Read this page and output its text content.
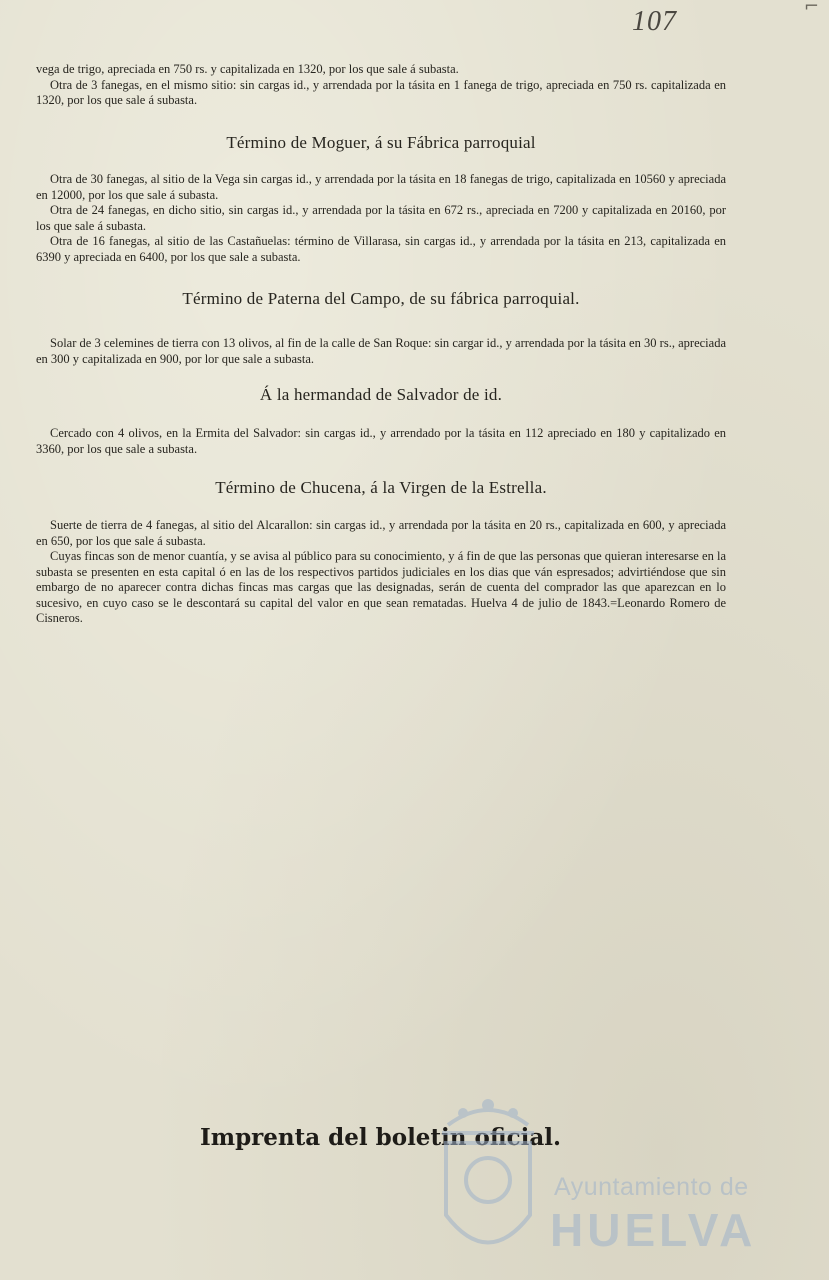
107	⌐

vega de trigo, apreciada en 750 rs. y capitalizada en 1320, por los que sale á subasta.

Otra de 3 fanegas, en el mismo sitio: sin cargas id., y arrendada por la tásita en 1 fanega de trigo, apreciada en 750 rs. capitalizada en 1320, por los que sale á subasta.

Término de Moguer, á su Fábrica parroquial

Otra de 30 fanegas, al sitio de la Vega sin cargas id., y arrendada por la tásita en 18 fanegas de trigo, capitalizada en 10560 y apreciada en 12000, por los que sale á subasta.

Otra de 24 fanegas, en dicho sitio, sin cargas id., y arrendada por la tásita en 672 rs., apreciada en 7200 y capitalizada en 20160, por los que sale á subasta.

Otra de 16 fanegas, al sitio de las Castañuelas: término de Villarasa, sin cargas id., y arrendada por la tásita en 213, capitalizada en 6390 y apreciada en 6400, por los que sale a subasta.

Término de Paterna del Campo, de su fábrica parroquial.

Solar de 3 celemines de tierra con 13 olivos, al fin de la calle de San Roque: sin cargar id., y arrendada por la tásita en 30 rs., apreciada en 300 y capitalizada en 900, por lor que sale a subasta.

Á la hermandad de Salvador de id.

Cercado con 4 olivos, en la Ermita del Salvador: sin cargas id., y arrendado por la tásita en 112 apreciado en 180 y capitalizado en 3360, por los que sale a subasta.

Término de Chucena, á la Virgen de la Estrella.

Suerte de tierra de 4 fanegas, al sitio del Alcarallon: sin cargas id., y arrendada por la tásita en 20 rs., capitalizada en 600, y apreciada en 650, por los que sale á subasta.

Cuyas fincas son de menor cuantía, y se avisa al público para su conocimiento, y á fin de que las personas que quieran interesarse en la subasta se presenten en esta capital ó en las de los respectivos partidos judiciales en los dias que ván espresados; advirtiéndose que sin embargo de no aparecer contra dichas fincas mas cargas que las designadas, serán de cuenta del comprador las que aparezcan en lo sucesivo, en cuyo caso se le descontará su capital del valor en que sean rematadas. Huelva 4 de julio de 1843.=Leonardo Romero de Cisneros.

Imprenta del boletin oficial.
Ayuntamiento de
HUELVA
